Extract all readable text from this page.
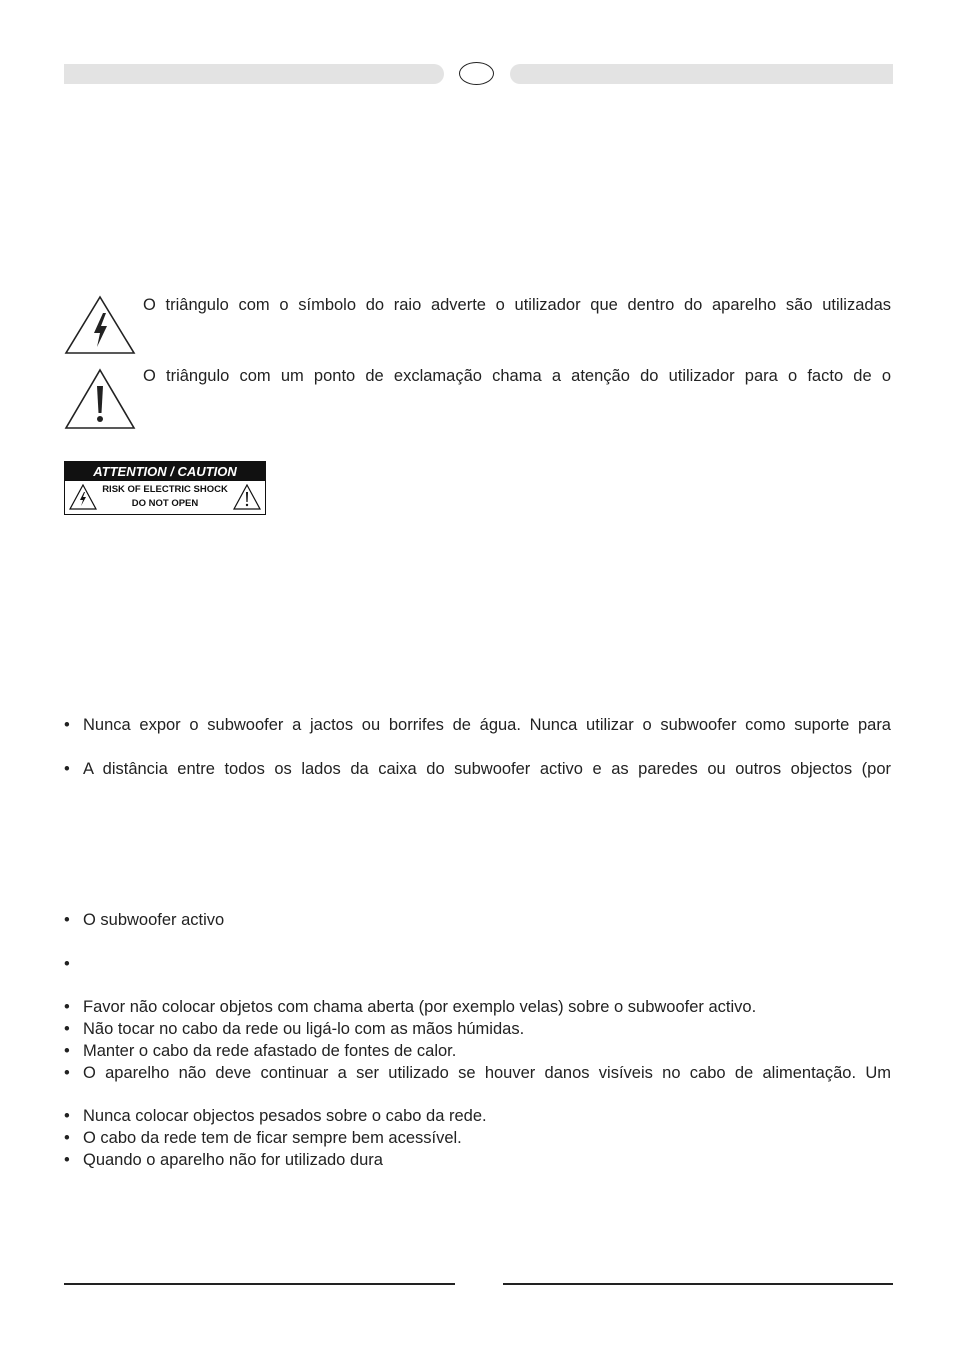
O triângulo com o símbolo do raio adverte o utilizador que dentro do aparelho são utilizadas
O triângulo com um ponto de exclamação chama a atenção do utilizador para o facto de o
ATTENTION / CAUTION
RISK OF ELECTRIC SHOCK
DO NOT OPEN
• Nunca expor o subwoofer a jactos ou borrifes de água. Nunca utilizar o subwoofer como suporte para
• A distância entre todos os lados da caixa do subwoofer activo e as paredes ou outros objectos (por
• O subwoofer activo
•
• Favor não colocar objetos com chama aberta (por exemplo velas) sobre o subwoofer activo.
• Não tocar no cabo da rede ou ligá-lo com as mãos húmidas.
• Manter o cabo da rede afastado de fontes de calor.
• O aparelho não deve continuar a ser utilizado se houver danos visíveis no cabo de alimentação. Um
• Nunca colocar objectos pesados sobre o cabo da rede.
• O cabo da rede tem de ficar sempre bem acessível.
• Quando o aparelho não for utilizado dura
